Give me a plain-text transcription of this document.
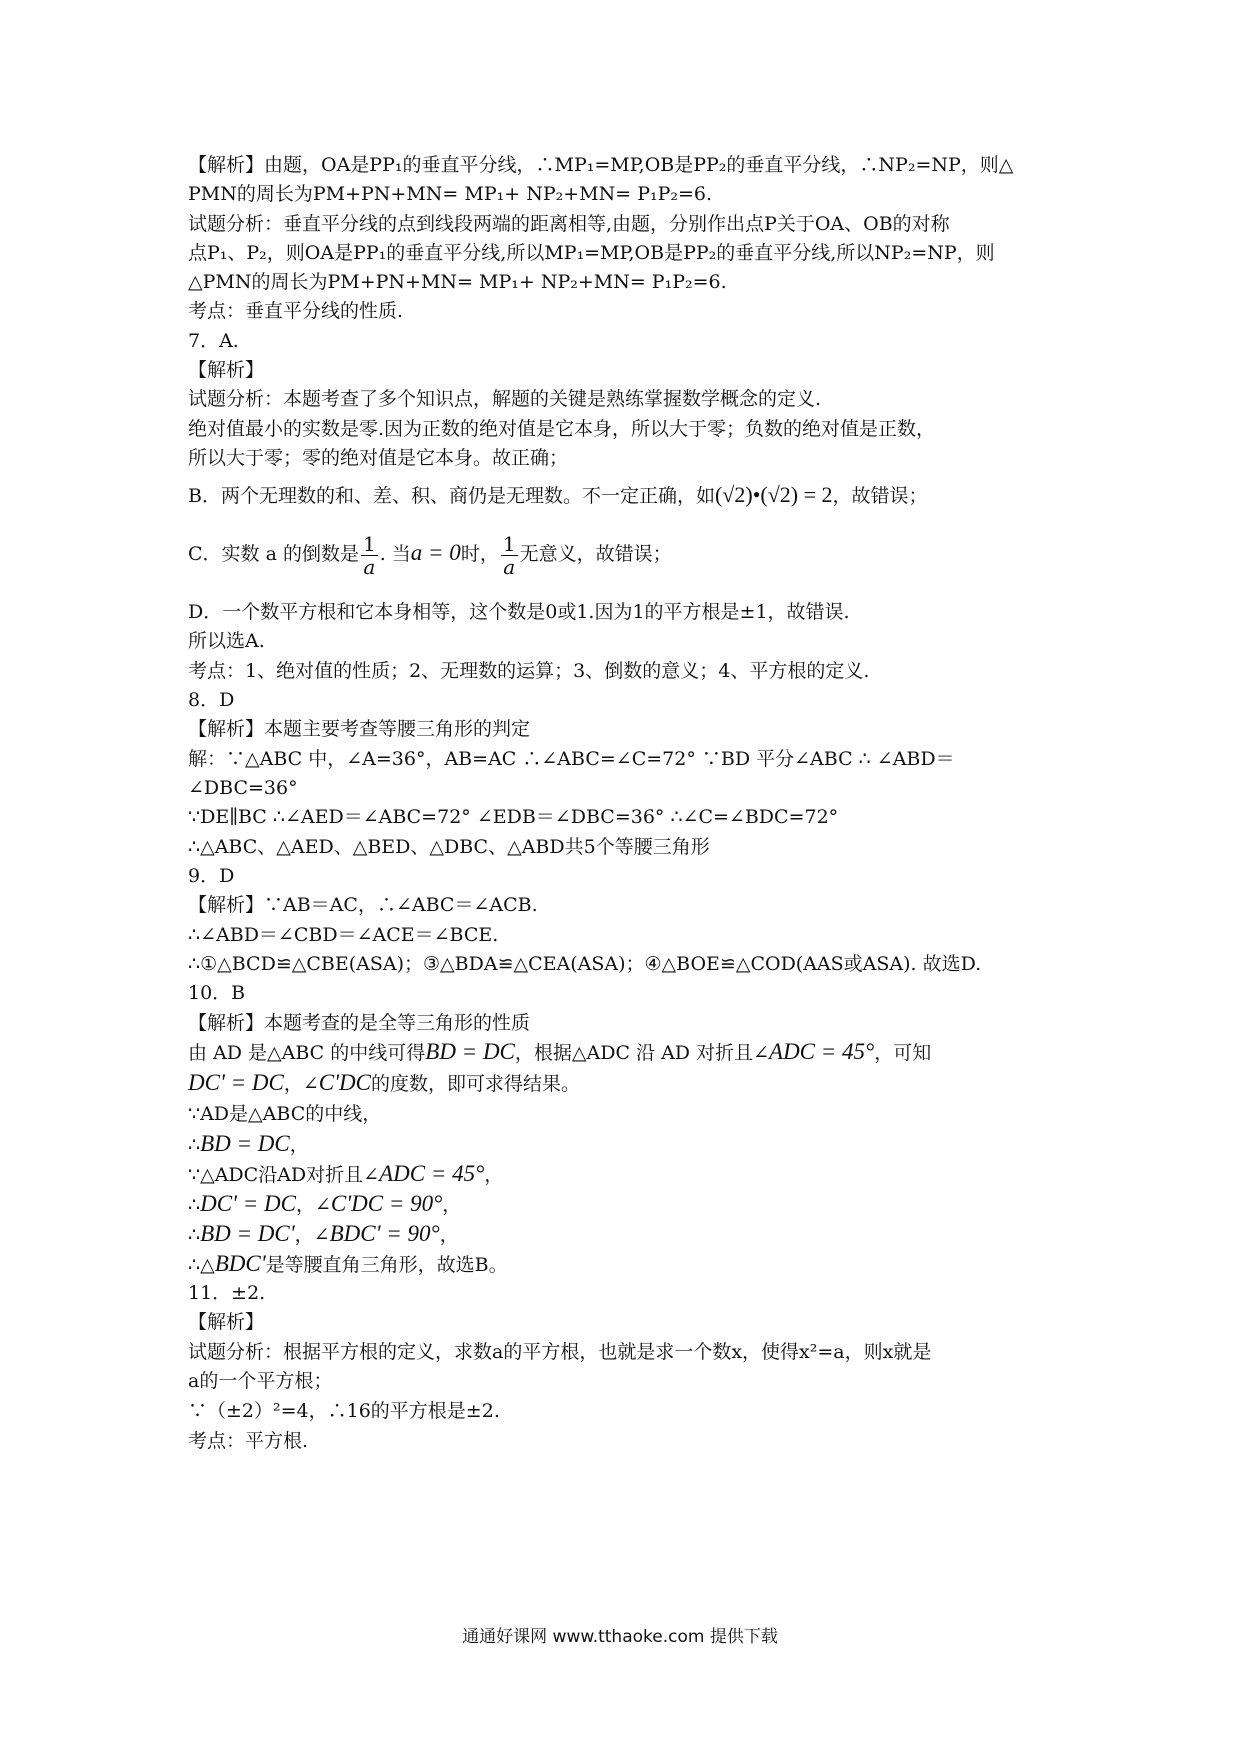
【解析】由题，OA是PP₁的垂直平分线，∴MP₁=MP,OB是PP₂的垂直平分线，∴NP₂=NP，则△
PMN的周长为PM+PN+MN= MP₁+ NP₂+MN= P₁P₂=6.
试题分析：垂直平分线的点到线段两端的距离相等,由题，分别作出点P关于OA、OB的对称
点P₁、P₂，则OA是PP₁的垂直平分线,所以MP₁=MP,OB是PP₂的垂直平分线,所以NP₂=NP，则
△PMN的周长为PM+PN+MN= MP₁+ NP₂+MN= P₁P₂=6.
考点：垂直平分线的性质.
7．A.
【解析】
试题分析：本题考查了多个知识点，解题的关键是熟练掌握数学概念的定义.
绝对值最小的实数是零.因为正数的绝对值是它本身，所以大于零；负数的绝对值是正数，
所以大于零；零的绝对值是它本身。故正确；
B．两个无理数的和、差、积、商仍是无理数。不一定正确，如(√2)•(√2) = 2，故错误；
C．实数 a 的倒数是 $\frac{1}{a}$ . 当a = 0时， $\frac{1}{a}$ 无意义，故错误；
D．一个数平方根和它本身相等，这个数是0或1.因为1的平方根是±1，故错误.
所以选A.
考点：1、绝对值的性质；2、无理数的运算；3、倒数的意义；4、平方根的定义.
8．D
【解析】本题主要考查等腰三角形的判定
解：∵△ABC 中，∠A=36°，AB=AC ∴∠ABC=∠C=72° ∵BD 平分∠ABC ∴ ∠ABD＝
∠DBC=36°
∵DE∥BC ∴∠AED＝∠ABC=72° ∠EDB＝∠DBC=36° ∴∠C=∠BDC=72°
∴△ABC、△AED、△BED、△DBC、△ABD共5个等腰三角形
9．D
【解析】∵AB＝AC，∴∠ABC＝∠ACB.
∴∠ABD＝∠CBD＝∠ACE＝∠BCE.
∴①△BCD≌△CBE(ASA)；③△BDA≌△CEA(ASA)；④△BOE≌△COD(AAS或ASA). 故选D.
10．B
【解析】本题考查的是全等三角形的性质
由 AD 是△ABC 的中线可得BD = DC，根据△ADC 沿 AD 对折且∠ADC = 45°，可知
DC' = DC，∠C'DC的度数，即可求得结果。
∵AD是△ABC的中线，
∴BD = DC，
∵△ADC沿AD对折且∠ADC = 45°，
∴DC' = DC，∠C'DC = 90°，
∴BD = DC'，∠BDC' = 90°，
∴△BDC'是等腰直角三角形，故选B。
11．±2.
【解析】
试题分析：根据平方根的定义，求数a的平方根，也就是求一个数x，使得x²=a，则x就是
a的一个平方根；
∵（±2）²=4，∴16的平方根是±2.
考点：平方根.
通通好课网 www.tthaoke.com 提供下载
